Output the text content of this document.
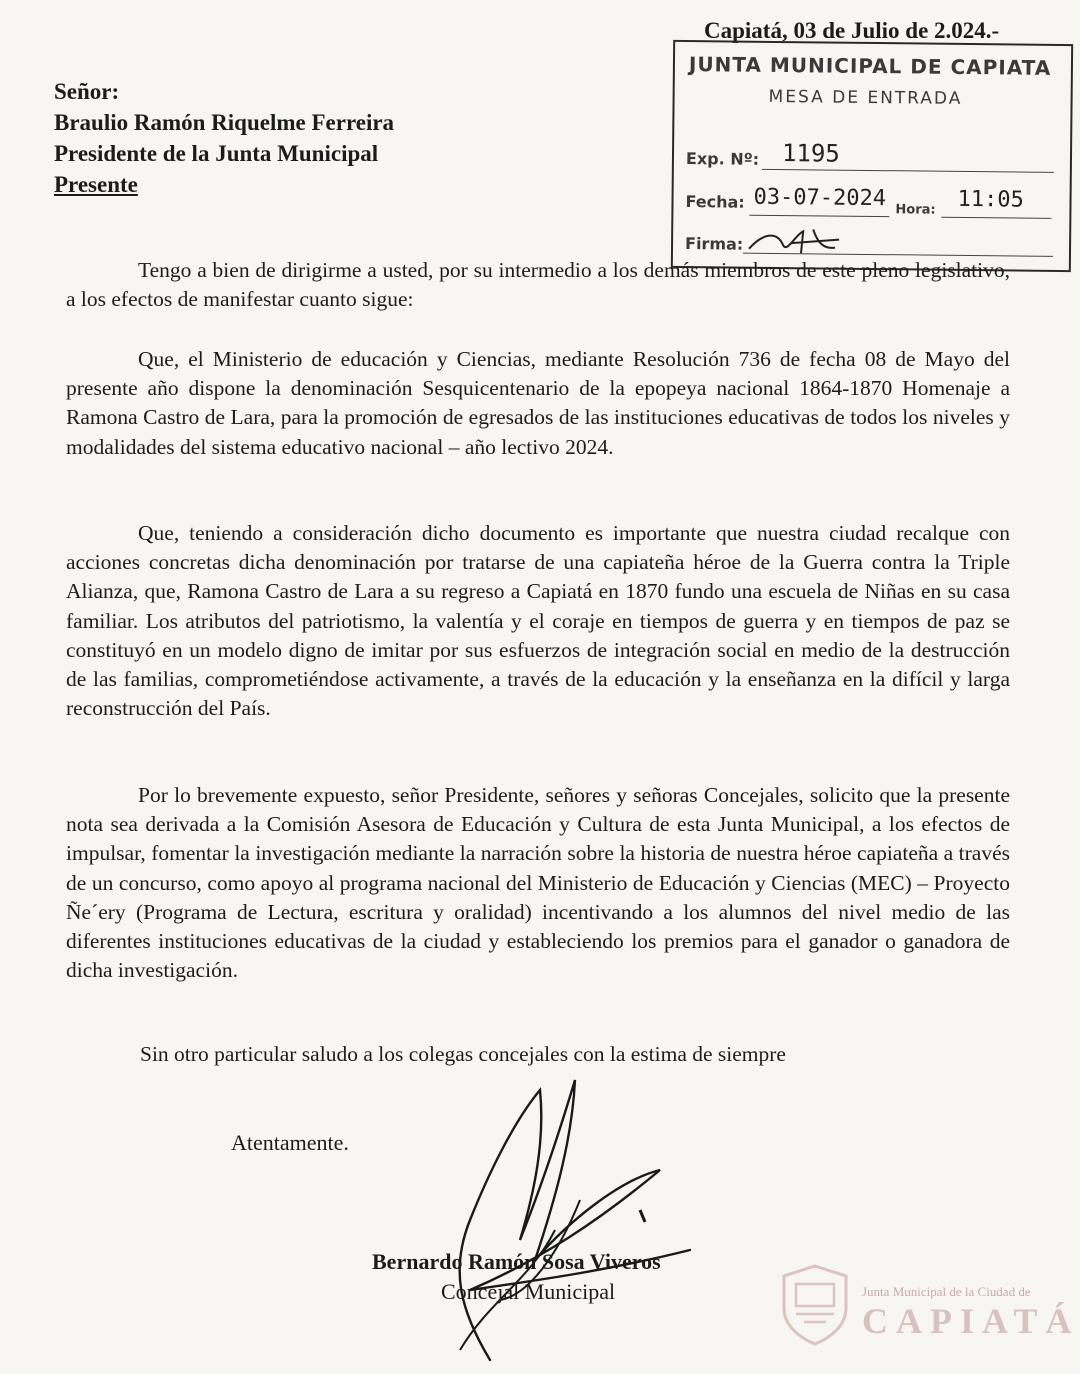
Capiatá, 03 de Julio de 2.024.-
Señor:
Braulio Ramón Riquelme Ferreira
Presidente de la Junta Municipal
Presente
JUNTA MUNICIPAL DE CAPIATA
MESA DE ENTRADA
Exp. Nº: 1195
Fecha: 03-07-2024 Hora: 11:05
Firma:

Tengo a bien de dirigirme a usted, por su intermedio a los demás miembros de este pleno legislativo, a los efectos de manifestar cuanto sigue:

Que, el Ministerio de educación y Ciencias, mediante Resolución 736 de fecha 08 de Mayo del presente año dispone la denominación Sesquicentenario de la epopeya nacional 1864-1870 Homenaje a Ramona Castro de Lara, para la promoción de egresados de las instituciones educativas de todos los niveles y modalidades del sistema educativo nacional – año lectivo 2024.

Que, teniendo a consideración dicho documento es importante que nuestra ciudad recalque con acciones concretas dicha denominación por tratarse de una capiateña héroe de la Guerra contra la Triple Alianza, que, Ramona Castro de Lara a su regreso a Capiatá en 1870 fundo una escuela de Niñas en su casa familiar. Los atributos del patriotismo, la valentía y el coraje en tiempos de guerra y en tiempos de paz se constituyó en un modelo digno de imitar por sus esfuerzos de integración social en medio de la destrucción de las familias, comprometiéndose activamente, a través de la educación y la enseñanza en la difícil y larga reconstrucción del País.

Por lo brevemente expuesto, señor Presidente, señores y señoras Concejales, solicito que la presente nota sea derivada a la Comisión Asesora de Educación y Cultura de esta Junta Municipal, a los efectos de impulsar, fomentar la investigación mediante la narración sobre la historia de nuestra héroe capiateña a través de un concurso, como apoyo al programa nacional del Ministerio de Educación y Ciencias (MEC) – Proyecto Ñe´ery (Programa de Lectura, escritura y oralidad) incentivando a los alumnos del nivel medio de las diferentes instituciones educativas de la ciudad y estableciendo los premios para el ganador o ganadora de dicha investigación.

Sin otro particular saludo a los colegas concejales con la estima de siempre

Atentamente.
Bernardo Ramón Sosa Viveros
Concejal Municipal	Junta Municipal de la Ciudad de
CAPIATÁ
